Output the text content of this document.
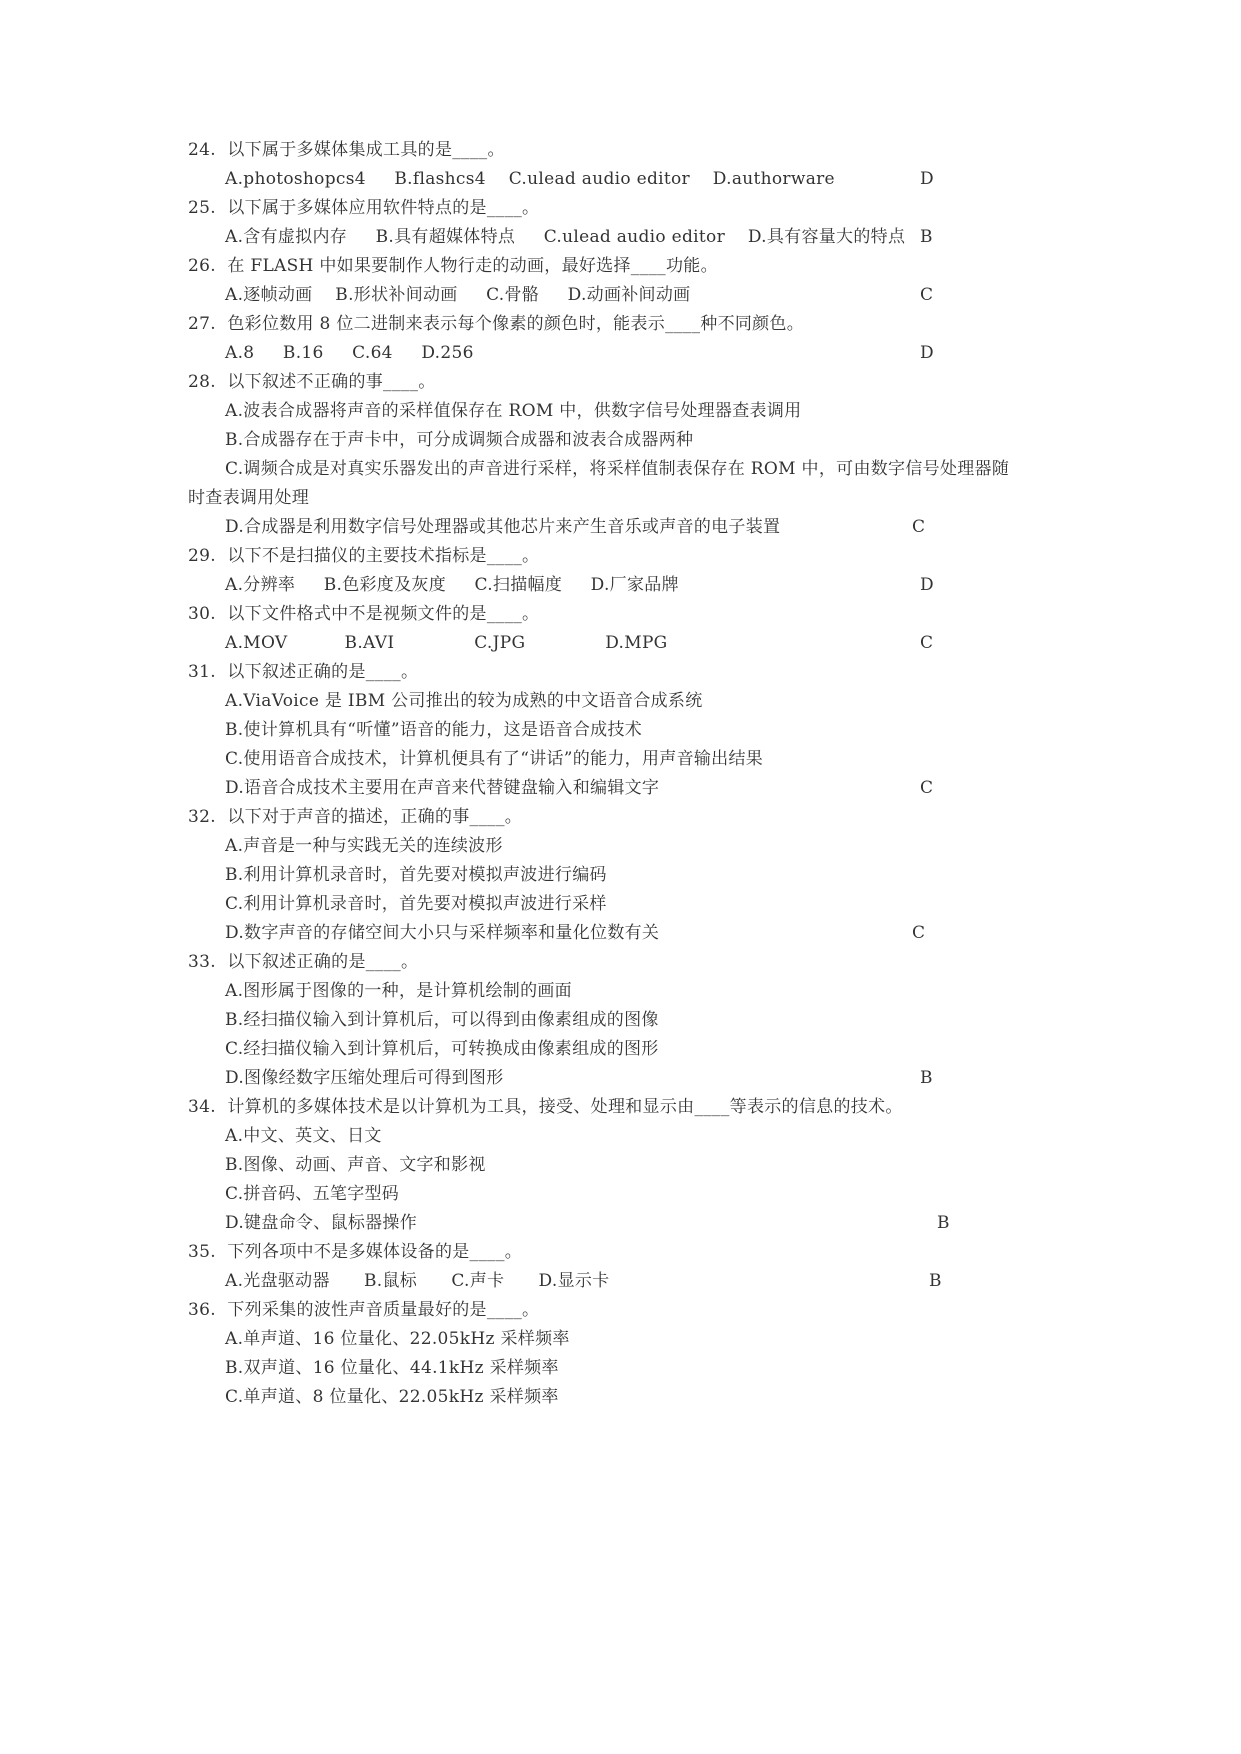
24.  以下属于多媒体集成工具的是____。
A.photoshopcs4     B.flashcs4    C.ulead audio editor    D.authorware	D
25.  以下属于多媒体应用软件特点的是____。
A.含有虚拟内存     B.具有超媒体特点     C.ulead audio editor    D.具有容量大的特点 B
26.  在 FLASH 中如果要制作人物行走的动画，最好选择____功能。
A.逐帧动画    B.形状补间动画     C.骨骼     D.动画补间动画	C
27.  色彩位数用 8 位二进制来表示每个像素的颜色时，能表示____种不同颜色。
A.8     B.16     C.64     D.256	D
28.  以下叙述不正确的事____。
A.波表合成器将声音的采样值保存在 ROM 中，供数字信号处理器查表调用
B.合成器存在于声卡中，可分成调频合成器和波表合成器两种
C.调频合成是对真实乐器发出的声音进行采样，将采样值制表保存在 ROM 中，可由数字信号处理器随
时查表调用处理
D.合成器是利用数字信号处理器或其他芯片来产生音乐或声音的电子装置	C
29.  以下不是扫描仪的主要技术指标是____。
A.分辨率     B.色彩度及灰度     C.扫描幅度     D.厂家品牌	D
30.  以下文件格式中不是视频文件的是____。
A.MOV          B.AVI              C.JPG              D.MPG	C
31.  以下叙述正确的是____。
A.ViaVoice 是 IBM 公司推出的较为成熟的中文语音合成系统
B.使计算机具有“听懂”语音的能力，这是语音合成技术
C.使用语音合成技术，计算机便具有了“讲话”的能力，用声音输出结果
D.语音合成技术主要用在声音来代替键盘输入和编辑文字	C
32.  以下对于声音的描述，正确的事____。
A.声音是一种与实践无关的连续波形
B.利用计算机录音时，首先要对模拟声波进行编码
C.利用计算机录音时，首先要对模拟声波进行采样
D.数字声音的存储空间大小只与采样频率和量化位数有关	C
33.  以下叙述正确的是____。
A.图形属于图像的一种，是计算机绘制的画面
B.经扫描仪输入到计算机后，可以得到由像素组成的图像
C.经扫描仪输入到计算机后，可转换成由像素组成的图形
D.图像经数字压缩处理后可得到图形	B
34.  计算机的多媒体技术是以计算机为工具，接受、处理和显示由____等表示的信息的技术。
A.中文、英文、日文
B.图像、动画、声音、文字和影视
C.拼音码、五笔字型码
D.键盘命令、鼠标器操作	B
35.  下列各项中不是多媒体设备的是____。
A.光盘驱动器      B.鼠标      C.声卡      D.显示卡	B
36.  下列采集的波性声音质量最好的是____。
A.单声道、16 位量化、22.05kHz 采样频率
B.双声道、16 位量化、44.1kHz 采样频率
C.单声道、8 位量化、22.05kHz 采样频率
